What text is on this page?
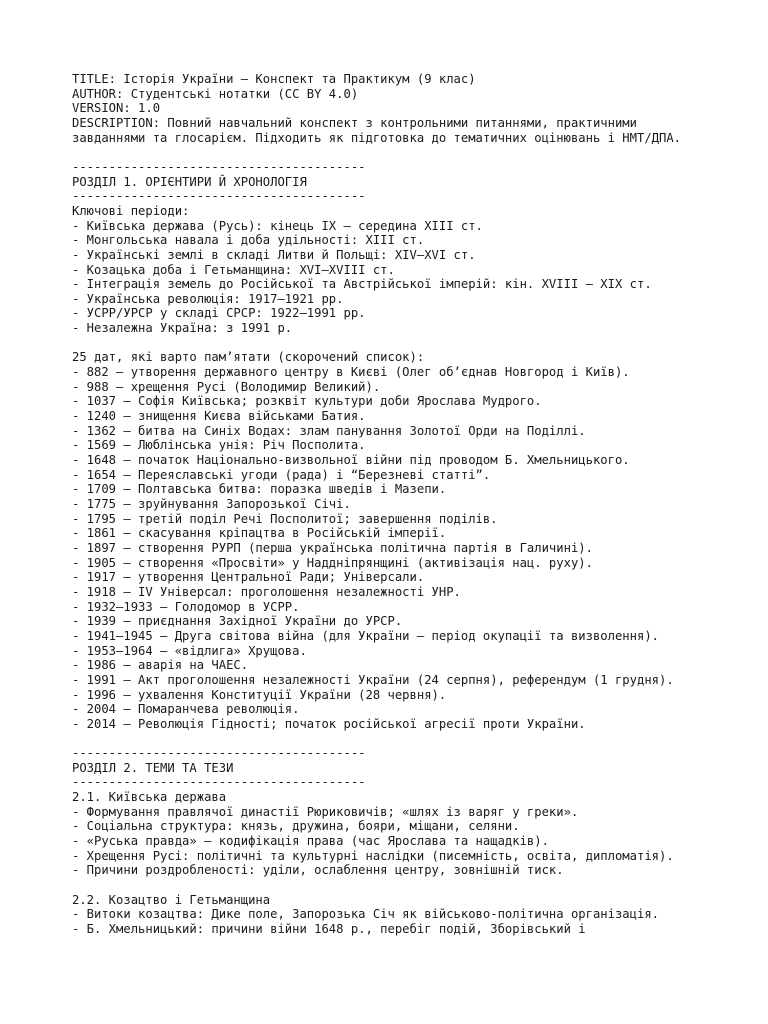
TITLE: Історія України — Конспект та Практикум (9 клас)
AUTHOR: Студентські нотатки (CC BY 4.0)
VERSION: 1.0
DESCRIPTION: Повний навчальний конспект з контрольними питаннями, практичними
завданнями та глосарієм. Підходить як підготовка до тематичних оцінювань і НМТ/ДПА.
----------------------------------------
РОЗДІЛ 1. ОРІЄНТИРИ Й ХРОНОЛОГІЯ
----------------------------------------
Ключові періоди:
- Київська держава (Русь): кінець IX — середина XIII ст.
- Монгольська навала і доба удільності: XIII ст.
- Українські землі в складі Литви й Польщі: XIV—XVI ст.
- Козацька доба і Гетьманщина: XVI—XVIII ст.
- Інтеграція земель до Російської та Австрійської імперій: кін. XVIII — XIX ст.
- Українська революція: 1917—1921 рр.
- УСРР/УРСР у складі СРСР: 1922—1991 рр.
- Незалежна Україна: з 1991 р.
25 дат, які варто пам’ятати (скорочений список):
- 882 — утворення державного центру в Києві (Олег об’єднав Новгород і Київ).
- 988 — хрещення Русі (Володимир Великий).
- 1037 — Софія Київська; розквіт культури доби Ярослава Мудрого.
- 1240 — знищення Києва військами Батия.
- 1362 — битва на Синіх Водах: злам панування Золотої Орди на Поділлі.
- 1569 — Люблінська унія: Річ Посполита.
- 1648 — початок Національно-визвольної війни під проводом Б. Хмельницького.
- 1654 — Переяславські угоди (рада) і “Березневі статті”.
- 1709 — Полтавська битва: поразка шведів і Мазепи.
- 1775 — зруйнування Запорозької Січі.
- 1795 — третій поділ Речі Посполитої; завершення поділів.
- 1861 — скасування кріпацтва в Російській імперії.
- 1897 — створення РУРП (перша українська політична партія в Галичині).
- 1905 — створення «Просвіти» у Наддніпрянщині (активізація нац. руху).
- 1917 — утворення Центральної Ради; Універсали.
- 1918 — IV Універсал: проголошення незалежності УНР.
- 1932–1933 — Голодомор в УСРР.
- 1939 — приєднання Західної України до УРСР.
- 1941–1945 — Друга світова війна (для України — період окупації та визволення).
- 1953–1964 — «відлига» Хрущова.
- 1986 — аварія на ЧАЕС.
- 1991 — Акт проголошення незалежності України (24 серпня), референдум (1 грудня).
- 1996 — ухвалення Конституції України (28 червня).
- 2004 — Помаранчева революція.
- 2014 — Революція Гідності; початок російської агресії проти України.
----------------------------------------
РОЗДІЛ 2. ТЕМИ ТА ТЕЗИ
----------------------------------------
2.1. Київська держава
- Формування правлячої династії Рюриковичів; «шлях із варяг у греки».
- Соціальна структура: князь, дружина, бояри, міщани, селяни.
- «Руська правда» — кодифікація права (час Ярослава та нащадків).
- Хрещення Русі: політичні та культурні наслідки (писемність, освіта, дипломатія).
- Причини роздробленості: уділи, ослаблення центру, зовнішній тиск.
2.2. Козацтво і Гетьманщина
- Витоки козацтва: Дике поле, Запорозька Січ як військово-політична організація.
- Б. Хмельницький: причини війни 1648 р., перебіг подій, Зборівський і
